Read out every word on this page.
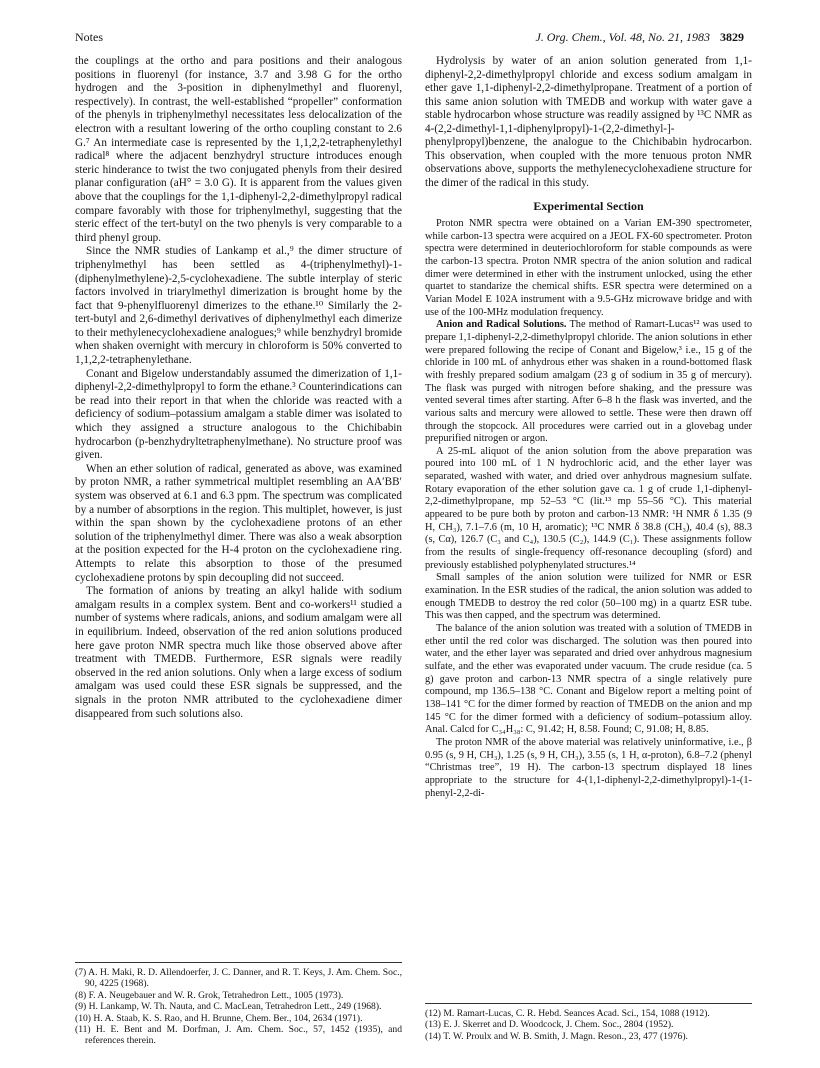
Notes	J. Org. Chem., Vol. 48, No. 21, 1983 3829

the couplings at the ortho and para positions and their analogous positions in fluorenyl (for instance, 3.7 and 3.98 G for the ortho hydrogen and the 3-position in diphenylmethyl and fluorenyl, respectively). In contrast, the well-established “propeller” conformation of the phenyls in triphenylmethyl necessitates less delocalization of the electron with a resultant lowering of the ortho coupling constant to 2.6 G.⁷ An intermediate case is represented by the 1,1,2,2-tetraphenylethyl radical⁸ where the adjacent benzhydryl structure introduces enough steric hinderance to twist the two conjugated phenyls from their desired planar configuration (aH° = 3.0 G). It is apparent from the values given above that the couplings for the 1,1-diphenyl-2,2-dimethylpropyl radical compare favorably with those for triphenylmethyl, suggesting that the steric effect of the tert-butyl on the two phenyls is very comparable to a third phenyl group.

Since the NMR studies of Lankamp et al.,⁹ the dimer structure of triphenylmethyl has been settled as 4-(triphenylmethyl)-1-(diphenylmethylene)-2,5-cyclohexadiene. The subtle interplay of steric factors involved in triarylmethyl dimerization is brought home by the fact that 9-phenylfluorenyl dimerizes to the ethane.¹⁰ Similarly the 2-tert-butyl and 2,6-dimethyl derivatives of diphenylmethyl each dimerize to their methylenecyclohexadiene analogues;⁹ while benzhydryl bromide when shaken overnight with mercury in chloroform is 50% converted to 1,1,2,2-tetraphenylethane.

Conant and Bigelow understandably assumed the dimerization of 1,1-diphenyl-2,2-dimethylpropyl to form the ethane.³ Counterindications can be read into their report in that when the chloride was reacted with a deficiency of sodium–potassium amalgam a stable dimer was isolated to which they assigned a structure analogous to the Chichibabin hydrocarbon (p-benzhydryltetraphenylmethane). No structure proof was given.

When an ether solution of radical, generated as above, was examined by proton NMR, a rather symmetrical multiplet resembling an AA′BB′ system was observed at 6.1 and 6.3 ppm. The spectrum was complicated by a number of absorptions in the region. This multiplet, however, is just within the span shown by the cyclohexadiene protons of an ether solution of the triphenylmethyl dimer. There was also a weak absorption at the position expected for the H-4 proton on the cyclohexadiene ring. Attempts to relate this absorption to those of the presumed cyclohexadiene protons by spin decoupling did not succeed.

The formation of anions by treating an alkyl halide with sodium amalgam results in a complex system. Bent and co-workers¹¹ studied a number of systems where radicals, anions, and sodium amalgam were all in equilibrium. Indeed, observation of the red anion solutions produced here gave proton NMR spectra much like those observed above after treatment with TMEDB. Furthermore, ESR signals were readily observed in the red anion solutions. Only when a large excess of sodium amalgam was used could these ESR signals be suppressed, and the signals in the proton NMR attributed to the cyclohexadiene dimer disappeared from such solutions also.

(7) A. H. Maki, R. D. Allendoerfer, J. C. Danner, and R. T. Keys, J. Am. Chem. Soc., 90, 4225 (1968).

(8) F. A. Neugebauer and W. R. Grok, Tetrahedron Lett., 1005 (1973).

(9) H. Lankamp, W. Th. Nauta, and C. MacLean, Tetrahedron Lett., 249 (1968).

(10) H. A. Staab, K. S. Rao, and H. Brunne, Chem. Ber., 104, 2634 (1971).

(11) H. E. Bent and M. Dorfman, J. Am. Chem. Soc., 57, 1452 (1935), and references therein.

Hydrolysis by water of an anion solution generated from 1,1-diphenyl-2,2-dimethylpropyl chloride and excess sodium amalgam in ether gave 1,1-diphenyl-2,2-dimethylpropane. Treatment of a portion of this same anion solution with TMEDB and workup with water gave a stable hydrocarbon whose structure was readily assigned by ¹³C NMR as 4-(2,2-dimethyl-1,1-diphenylpropyl)-1-(2,2-dimethyl-]-phenylpropyl)benzene, the analogue to the Chichibabin hydrocarbon. This observation, when coupled with the more tenuous proton NMR observations above, supports the methylenecyclohexadiene structure for the dimer of the radical in this study.

Experimental Section

Proton NMR spectra were obtained on a Varian EM-390 spectrometer, while carbon-13 spectra were acquired on a JEOL FX-60 spectrometer. Proton spectra were determined in deuteriochloroform for stable compounds as were the carbon-13 spectra. Proton NMR spectra of the anion solution and radical dimer were determined in ether with the instrument unlocked, using the ether quartet to standarize the chemical shifts. ESR spectra were determined on a Varian Model E 102A instrument with a 9.5-GHz microwave bridge and with use of the 100-MHz modulation frequency.

Anion and Radical Solutions. The method of Ramart-Lucas¹² was used to prepare 1,1-diphenyl-2,2-dimethylpropyl chloride. The anion solutions in ether were prepared following the recipe of Conant and Bigelow,³ i.e., 15 g of the chloride in 100 mL of anhydrous ether was shaken in a round-bottomed flask with freshly prepared sodium amalgam (23 g of sodium in 35 g of mercury). The flask was purged with nitrogen before shaking, and the pressure was vented several times after starting. After 6–8 h the flask was inverted, and the various salts and mercury were allowed to settle. These were then drawn off through the stopcock. All procedures were carried out in a glovebag under prepurified nitrogen or argon.

A 25-mL aliquot of the anion solution from the above preparation was poured into 100 mL of 1 N hydrochloric acid, and the ether layer was separated, washed with water, and dried over anhydrous magnesium sulfate. Rotary evaporation of the ether solution gave ca. 1 g of crude 1,1-diphenyl-2,2-dimethylpropane, mp 52–53 °C (lit.¹³ mp 55–56 °C). This material appeared to be pure both by proton and carbon-13 NMR: ¹H NMR δ 1.35 (9 H, CH₃), 7.1–7.6 (m, 10 H, aromatic); ¹³C NMR δ 38.8 (CH₃), 40.4 (s), 88.3 (s, Cα), 126.7 (C₃ and C₄), 130.5 (C₂), 144.9 (C₁). These assignments follow from the results of single-frequency off-resonance decoupling (sford) and previously established polyphenylated structures.¹⁴

Small samples of the anion solution were tuilized for NMR or ESR examination. In the ESR studies of the radical, the anion solution was added to enough TMEDB to destroy the red color (50–100 mg) in a quartz ESR tube. This was then capped, and the spectrum was determined.

The balance of the anion solution was treated with a solution of TMEDB in ether until the red color was discharged. The solution was then poured into water, and the ether layer was separated and dried over anhydrous magnesium sulfate, and the ether was evaporated under vacuum. The crude residue (ca. 5 g) gave proton and carbon-13 NMR spectra of a single relatively pure compound, mp 136.5–138 °C. Conant and Bigelow report a melting point of 138–141 °C for the dimer formed by reaction of TMEDB on the anion and mp 145 °C for the dimer formed with a deficiency of sodium–potassium alloy. Anal. Calcd for C₃₄H₃₈: C, 91.42; H, 8.58. Found; C, 91.08; H, 8.85.

The proton NMR of the above material was relatively uninformative, i.e., β 0.95 (s, 9 H, CH₃), 1.25 (s, 9 H, CH₃), 3.55 (s, 1 H, α-proton), 6.8–7.2 (phenyl “Christmas tree”, 19 H). The carbon-13 spectrum displayed 18 lines appropriate to the structure for 4-(1,1-diphenyl-2,2-dimethylpropyl)-1-(1-phenyl-2,2-di-

(12) M. Ramart-Lucas, C. R. Hebd. Seances Acad. Sci., 154, 1088 (1912).

(13) E. J. Skerret and D. Woodcock, J. Chem. Soc., 2804 (1952).

(14) T. W. Proulx and W. B. Smith, J. Magn. Reson., 23, 477 (1976).
